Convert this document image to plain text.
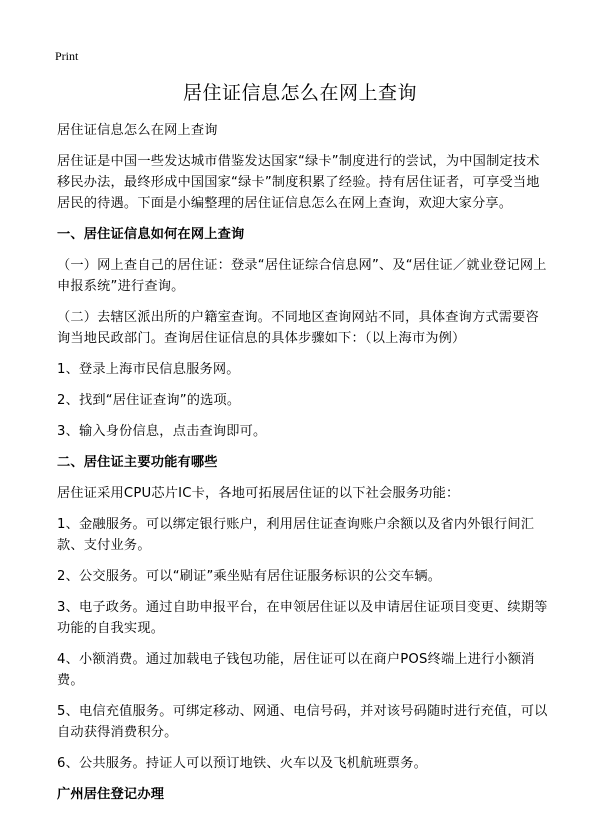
Print
居住证信息怎么在网上查询

居住证信息怎么在网上查询

居住证是中国一些发达城市借鉴发达国家“绿卡”制度进行的尝试，为中国制定技术移民办法，最终形成中国国家“绿卡”制度积累了经验。持有居住证者，可享受当地居民的待遇。下面是小编整理的居住证信息怎么在网上查询，欢迎大家分享。

一、居住证信息如何在网上查询

（一）网上查自己的居住证：登录“居住证综合信息网”、及“居住证／就业登记网上申报系统”进行查询。

（二）去辖区派出所的户籍室查询。不同地区查询网站不同，具体查询方式需要咨询当地民政部门。查询居住证信息的具体步骤如下：（以上海市为例）

1、登录上海市民信息服务网。

2、找到“居住证查询”的选项。

3、输入身份信息，点击查询即可。

二、居住证主要功能有哪些

居住证采用CPU芯片IC卡，各地可拓展居住证的以下社会服务功能：

1、金融服务。可以绑定银行账户，利用居住证查询账户余额以及省内外银行间汇款、支付业务。

2、公交服务。可以“刷证”乘坐贴有居住证服务标识的公交车辆。

3、电子政务。通过自助申报平台，在申领居住证以及申请居住证项目变更、续期等功能的自我实现。

4、小额消费。通过加载电子钱包功能，居住证可以在商户POS终端上进行小额消费。

5、电信充值服务。可绑定移动、网通、电信号码，并对该号码随时进行充值，可以自动获得消费积分。

6、公共服务。持证人可以预订地铁、火车以及飞机航班票务。

广州居住登记办理
